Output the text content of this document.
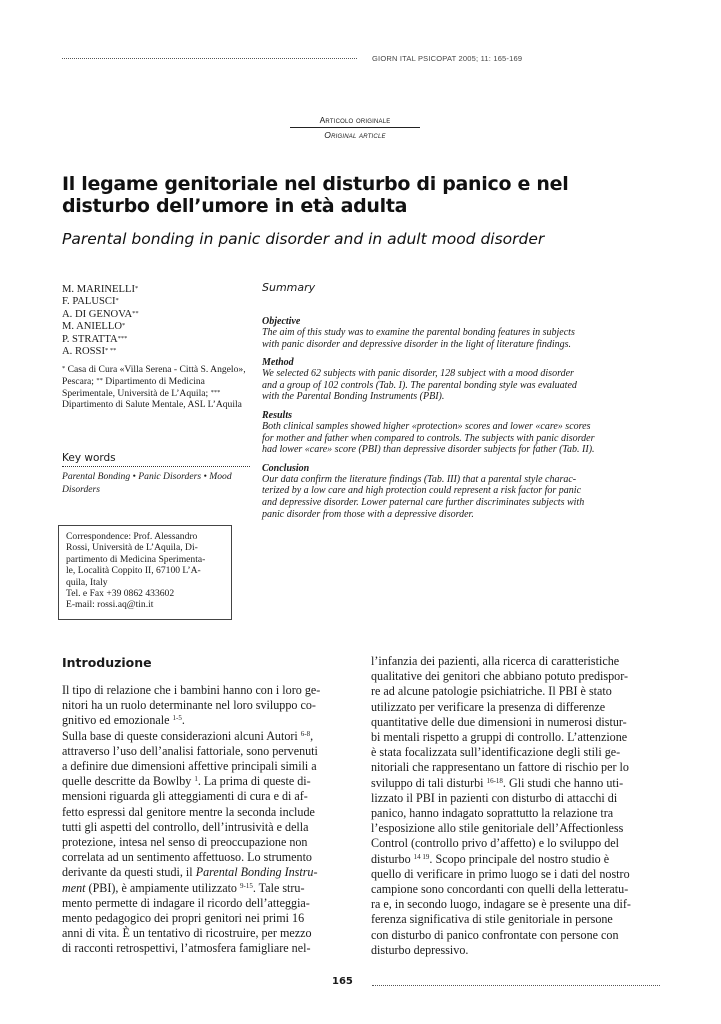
GIORN ITAL PSICOPAT 2005; 11: 165-169
Articolo originale
Original article
Il legame genitoriale nel disturbo di panico e nel disturbo dell’umore in età adulta
Parental bonding in panic disorder and in adult mood disorder
M. MARINELLI*
F. PALUSCI*
A. DI GENOVA**
M. ANIELLO*
P. STRATTA***
A. ROSSI* **
* Casa di Cura «Villa Serena - Città S. Angelo», Pescara; ** Dipartimento di Medicina Sperimentale, Università de L’Aquila; *** Dipartimento di Salute Mentale, ASL L’Aquila
Key words
Parental Bonding • Panic Disorders • Mood Disorders
Correspondence: Prof. Alessandro
Rossi, Università de L’Aquila, Di-
partimento di Medicina Sperimenta-
le, Località Coppito II, 67100 L’A-
quila, Italy
Tel. e Fax +39 0862 433602
E-mail: rossi.aq@tin.it
Summary
Objective
The aim of this study was to examine the parental bonding features in subjects
with panic disorder and depressive disorder in the light of literature findings.
Method
We selected 62 subjects with panic disorder, 128 subject with a mood disorder
and a group of 102 controls (Tab. I). The parental bonding style was evaluated
with the Parental Bonding Instruments (PBI).
Results
Both clinical samples showed higher «protection» scores and lower «care» scores
for mother and father when compared to controls. The subjects with panic disorder
had lower «care» score (PBI) than depressive disorder subjects for father (Tab. II).
Conclusion
Our data confirm the literature findings (Tab. III) that a parental style charac-
terized by a low care and high protection could represent a risk factor for panic
and depressive disorder. Lower paternal care further discriminates subjects with
panic disorder from those with a depressive disorder.
Introduzione
Il tipo di relazione che i bambini hanno con i loro ge-
nitori ha un ruolo determinante nel loro sviluppo co-
gnitivo ed emozionale $^{1-5}$.
Sulla base di queste considerazioni alcuni Autori $^{6-8}$,
attraverso l’uso dell’analisi fattoriale, sono pervenuti
a definire due dimensioni affettive principali simili a
quelle descritte da Bowlby $^1$. La prima di queste di-
mensioni riguarda gli atteggiamenti di cura e di af-
fetto espressi dal genitore mentre la seconda include
tutti gli aspetti del controllo, dell’intrusività e della
protezione, intesa nel senso di preoccupazione non
correlata ad un sentimento affettuoso. Lo strumento
derivante da questi studi, il Parental Bonding Instru-
ment (PBI), è ampiamente utilizzato $^{9-15}$. Tale stru-
mento permette di indagare il ricordo dell’atteggia-
mento pedagogico dei propri genitori nei primi 16
anni di vita. È un tentativo di ricostruire, per mezzo
di racconti retrospettivi, l’atmosfera famigliare nel-
l’infanzia dei pazienti, alla ricerca di caratteristiche
qualitative dei genitori che abbiano potuto predispor-
re ad alcune patologie psichiatriche. Il PBI è stato
utilizzato per verificare la presenza di differenze
quantitative delle due dimensioni in numerosi distur-
bi mentali rispetto a gruppi di controllo. L’attenzione
è stata focalizzata sull’identificazione degli stili ge-
nitoriali che rappresentano un fattore di rischio per lo
sviluppo di tali disturbi $^{16-18}$. Gli studi che hanno uti-
lizzato il PBI in pazienti con disturbo di attacchi di
panico, hanno indagato soprattutto la relazione tra
l’esposizione allo stile genitoriale dell’Affectionless
Control (controllo privo d’affetto) e lo sviluppo del
disturbo $^{14 19}$. Scopo principale del nostro studio è
quello di verificare in primo luogo se i dati del nostro
campione sono concordanti con quelli della letteratu-
ra e, in secondo luogo, indagare se è presente una dif-
ferenza significativa di stile genitoriale in persone
con disturbo di panico confrontate con persone con
disturbo depressivo.
165
